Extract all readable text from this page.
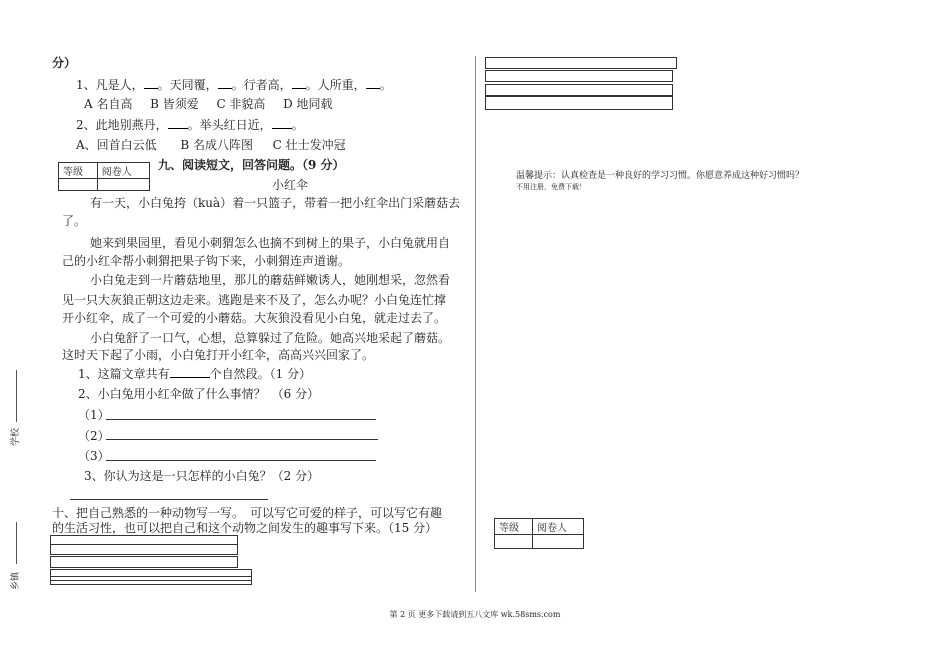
分）
1、凡是人， 。天同覆， 。行者高， 。人所重， 。
A 名自高 B 皆须爱 C 非貌高 D 地同载
2、此地别燕丹， 。举头红日近， 。
A、回首白云低 B 名成八阵图 C 壮士发冲冠
等级	阅卷人

九、阅读短文，回答问题。（9 分）
小红伞
有一天，小白兔挎（kuà）着一只篮子，带着一把小红伞出门采蘑菇去
了。
她来到果园里，看见小刺猬怎么也摘不到树上的果子，小白兔就用自
己的小红伞帮小刺猬把果子钩下来，小刺猬连声道谢。
小白兔走到一片蘑菇地里，那儿的蘑菇鲜嫩诱人，她刚想采，忽然看
见一只大灰狼正朝这边走来。逃跑是来不及了，怎么办呢？小白兔连忙撑
开小红伞，成了一个可爱的小蘑菇。大灰狼没看见小白兔，就走过去了。
小白兔舒了一口气，心想，总算躲过了危险。她高兴地采起了蘑菇。
这时天下起了小雨，小白兔打开小红伞，高高兴兴回家了。
1、这篇文章共有	个自然段。（1 分）
2、小白兔用小红伞做了什么事情？　（6 分）
（1）
（2）
（3）
3、你认为这是一只怎样的小白兔？（2 分）
十、把自己熟悉的一种动物写一写。　可以写它可爱的样子，可以写它有趣
的生活习性，也可以把自己和这个动物之间发生的趣事写下来。（15 分）
学校
乡镇
温馨提示：认真检查是一种良好的学习习惯。你愿意养成这种好习惯吗？
不用注册，免费下载！
等级	阅卷人

第 2 页 更多下载请到五八文库 wk.58sms.com
